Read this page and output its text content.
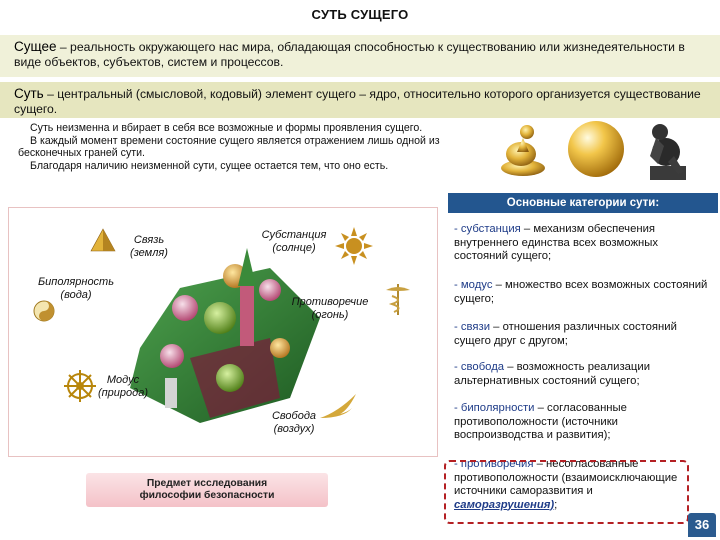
СУТЬ СУЩЕГО
Сущее – реальность окружающего нас мира, обладающая способностью к существованию или жизнедеятельности в виде объектов, субъектов, систем и процессов.
Суть – центральный (смысловой, кодовый) элемент сущего – ядро, относительно которого организуется существование сущего.
Суть неизменна и вбирает в себя все возможные и формы проявления сущего.
В каждый момент времени состояние сущего является отражением лишь одной из бесконечных граней сути.
Благодаря наличию неизменной сути, сущее остается тем, что оно есть.
Связь
(земля)
Субстанция
(солнце)
Биполярность
(вода)
Противоречие
(огонь)
Модус
(природа)
Свобода
(воздух)
Основные категории сути:
- субстанция – механизм обеспечения внутреннего единства всех возможных состояний сущего;
- модус – множество всех возможных состояний сущего;
- связи – отношения различных состояний сущего друг с другом;
- свобода – возможность реализации альтернативных состояний сущего;
- биполярности – согласованные противоположности (источники воспроизводства и развития);
- противоречия – несогласованные противоположности (взаимоисключающие источники саморазвития и саморазрушения);
Предмет исследования
философии безопасности
36
